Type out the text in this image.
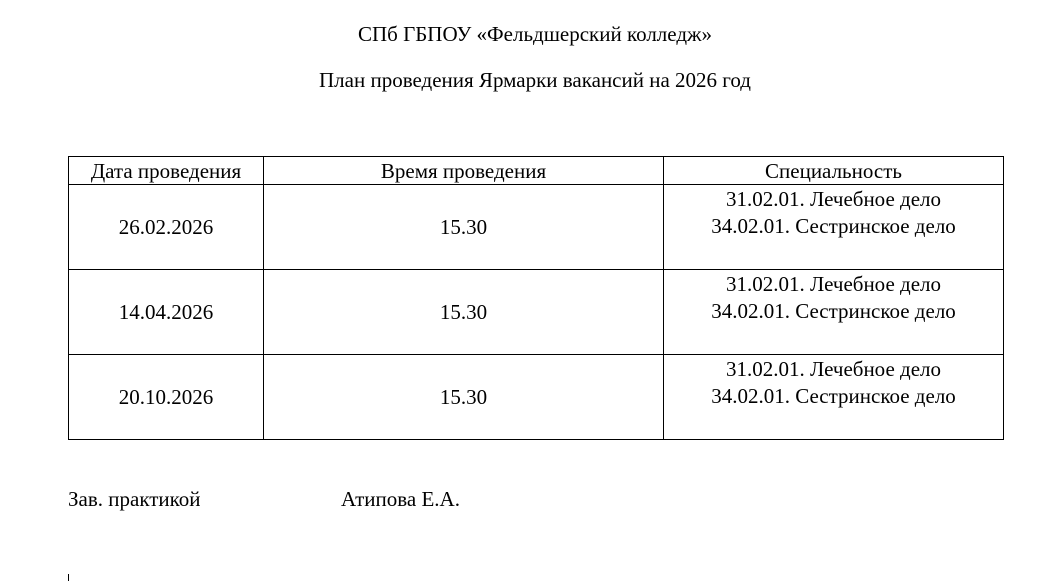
СПб ГБПОУ «Фельдшерский колледж»
План проведения Ярмарки вакансий на 2026 год
Дата проведения	Время проведения	Специальность
26.02.2026	15.30	31.02.01. Лечебное дело
34.02.01. Сестринское дело

14.04.2026	15.30	31.02.01. Лечебное дело
34.02.01. Сестринское дело

20.10.2026	15.30	31.02.01. Лечебное дело
34.02.01. Сестринское дело
Зав. практикой	Атипова Е.А.
